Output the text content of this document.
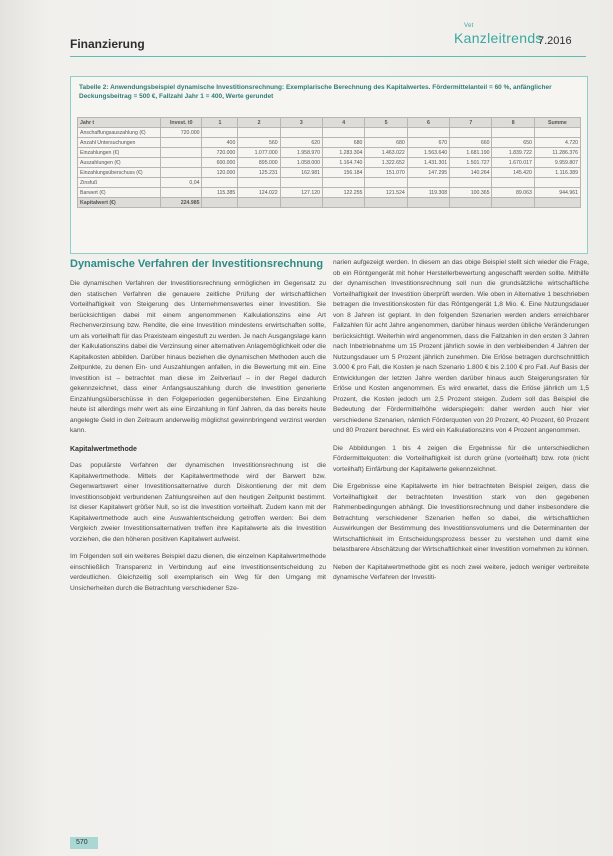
Finanzierung
Vet
Kanzleitrends
7.2016
Tabelle 2: Anwendungsbeispiel dynamische Investitionsrechnung: Exemplarische Berechnung des Kapitalwertes. Fördermittelanteil = 60 %, anfänglicher Deckungsbeitrag = 500 €, Fallzahl Jahr 1 = 400, Werte gerundet
Jahr t	Invest. t0	1	2	3	4	5	6	7	8	Summe
Anschaffungsauszahlung (€)	720.000									
Anzahl Untersuchungen		400	560	620	680	680	670	660	650	4.720
Einzahlungen (€)		720.000	1.077.000	1.958.970	1.283.304	1.463.022	1.563.640	1.681.190	1.839.722	11.286.376
Auszahlungen (€)		600.000	895.000	1.058.000	1.164.740	1.322.652	1.431.301	1.501.727	1.670.017	9.959.807
Einzahlungsüberschuss (€)		120.000	125.231	162.981	156.184	151.070	147.295	140.264	145.420	1.116.389
Zinsfuß	0,04									
Barwert (€)		115.385	124.022	127.120	122.255	121.524	119.308	100.365	89.063	944.961
Kapitalwert (€)	224.985									
Dynamische Verfahren der Investitionsrechnung

Die dynamischen Verfahren der Investitionsrechnung ermöglichen im Gegensatz zu den statischen Verfahren die genauere zeitliche Prüfung der wirtschaftlichen Vorteilhaftigkeit von Steigerung des Unternehmenswertes einer Investition. Sie berücksichtigen dabei mit einem angenommenen Kalkulationszins eine Art Rechenverzinsung bzw. Rendite, die eine Investition mindestens erwirtschaften sollte, um als vorteilhaft für das Praxisteam eingestuft zu werden. Je nach Ausgangslage kann der Kalkulationszins dabei die Verzinsung einer alternativen Anlagemöglichkeit oder die Kapitalkosten abbilden. Darüber hinaus beziehen die dynamischen Methoden auch die Zeitpunkte, zu denen Ein- und Auszahlungen anfallen, in die Bewertung mit ein. Eine Investition ist – betrachtet man diese im Zeitverlauf – in der Regel dadurch gekennzeichnet, dass einer Anfangsauszahlung durch die Investition generierte Einzahlungsüberschüsse in den Folgeperioden gegenüberstehen. Eine Einzahlung heute ist allerdings mehr wert als eine Einzahlung in fünf Jahren, da das bereits heute angelegte Geld in den Zeitraum anderweitig möglichst gewinnbringend verzinst werden kann.

Kapitalwertmethode

Das populärste Verfahren der dynamischen Investitionsrechnung ist die Kapitalwertmethode. Mittels der Kapitalwertmethode wird der Barwert bzw. Gegenwartswert einer Investitionsalternative durch Diskontierung der mit dem Investitionsobjekt verbundenen Zahlungsreihen auf den heutigen Zeitpunkt bestimmt. Ist dieser Kapitalwert größer Null, so ist die Investition vorteilhaft. Zudem kann mit der Kapitalwertmethode auch eine Auswahlentscheidung getroffen werden: Bei dem Vergleich zweier Investitionsalternativen treffen ihre Kapitalwerte als die Investition vorziehen, die den höheren positiven Kapitalwert aufweist.

Im Folgenden soll ein weiteres Beispiel dazu dienen, die einzelnen Kapitalwertmethode einschließlich Transparenz in Verbindung auf eine Investitionsentscheidung zu verdeutlichen. Gleichzeitig soll exemplarisch ein Weg für den Umgang mit Unsicherheiten durch die Betrachtung verschiedener Sze-

narien aufgezeigt werden. In diesem an das obige Beispiel stellt sich wieder die Frage, ob ein Röntgengerät mit hoher Herstellerbewertung angeschafft werden sollte. Mithilfe der dynamischen Investitionsrechnung soll nun die grundsätzliche wirtschaftliche Vorteilhaftigkeit der Investition überprüft werden. Wie oben in Alternative 1 beschrieben betragen die Investitionskosten für das Röntgengerät 1,8 Mio. €. Eine Nutzungsdauer von 8 Jahren ist geplant. In den folgenden Szenarien werden anders erreichbarer Fallzahlen für acht Jahre angenommen, darüber hinaus werden übliche Veränderungen berücksichtigt. Weiterhin wird angenommen, dass die Fallzahlen in den ersten 3 Jahren nach Inbetriebnahme um 15 Prozent jährlich sowie in den verbleibenden 4 Jahren der Nutzungsdauer um 5 Prozent jährlich zunehmen. Die Erlöse betragen durchschnittlich 3.000 € pro Fall, die Kosten je nach Szenario 1.800 € bis 2.100 € pro Fall. Auf Basis der Entwicklungen der letzten Jahre werden darüber hinaus auch Steigerungsraten für Erlöse und Kosten angenommen. Es wird erwartet, dass die Erlöse jährlich um 1,5 Prozent, die Kosten jedoch um 2,5 Prozent steigen. Zudem soll das Beispiel die Bedeutung der Fördermittelhöhe widerspiegeln: daher werden auch hier vier verschiedene Szenarien, nämlich Förderquoten von 20 Prozent, 40 Prozent, 60 Prozent und 80 Prozent berechnet. Es wird ein Kalkulationszins von 4 Prozent angenommen.

Die Abbildungen 1 bis 4 zeigen die Ergebnisse für die unterschiedlichen Fördermittelquoten: die Vorteilhaftigkeit ist durch grüne (vorteilhaft) bzw. rote (nicht vorteilhaft) Einfärbung der Kapitalwerte gekennzeichnet.

Die Ergebnisse eine Kapitalwerte im hier betrachteten Beispiel zeigen, dass die Vorteilhaftigkeit der betrachteten Investition stark von den gegebenen Rahmenbedingungen abhängt. Die Investitionsrechnung und daher insbesondere die Betrachtung verschiedener Szenarien helfen so dabei, die wirtschaftlichen Auswirkungen der Bestimmung des Investitionsvolumens und die Determinanten der Wirtschaftlichkeit im Entscheidungsprozess besser zu verstehen und damit eine belastbarere Abschätzung der Wirtschaftlichkeit einer Investition vornehmen zu können.

Neben der Kapitalwertmethode gibt es noch zwei weitere, jedoch weniger verbreitete dynamische Verfahren der Investiti-

570
